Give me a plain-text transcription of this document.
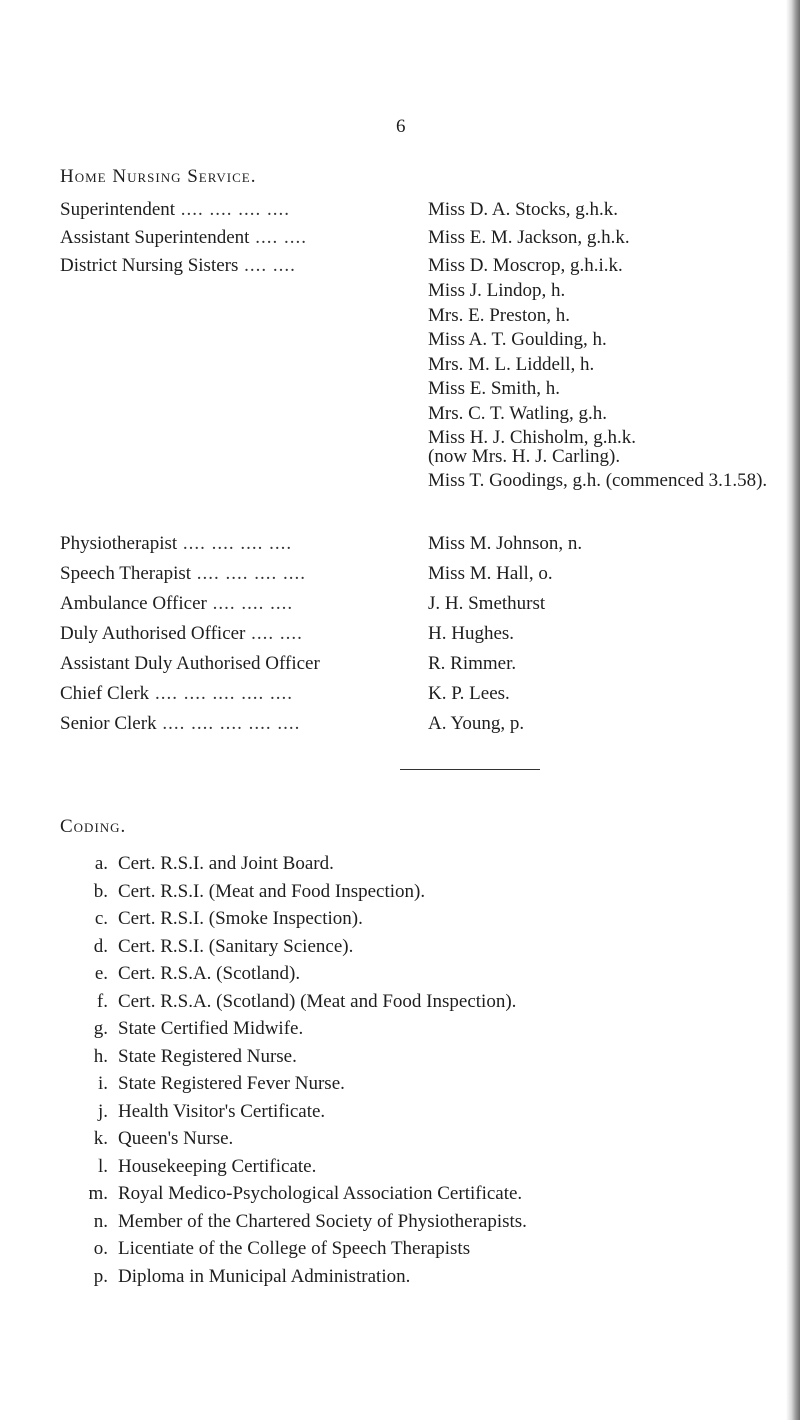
6
Home Nursing Service.
Superintendent .... .... .... ....	Miss D. A. Stocks, g.h.k.
Assistant Superintendent .... ....	Miss E. M. Jackson, g.h.k.
District Nursing Sisters .... ....	Miss D. Moscrop, g.h.i.k.
Miss J. Lindop, h.
Mrs. E. Preston, h.
Miss A. T. Goulding, h.
Mrs. M. L. Liddell, h.
Miss E. Smith, h.
Mrs. C. T. Watling, g.h.
Miss H. J. Chisholm, g.h.k.
(now Mrs. H. J. Carling).
Miss T. Goodings, g.h. (commenced 3.1.58).
Physiotherapist .... .... .... ....	Miss M. Johnson, n.
Speech Therapist .... .... .... ....	Miss M. Hall, o.
Ambulance Officer .... .... ....	J. H. Smethurst
Duly Authorised Officer .... ....	H. Hughes.
Assistant Duly Authorised Officer	R. Rimmer.
Chief Clerk .... .... .... .... ....	K. P. Lees.
Senior Clerk .... .... .... .... ....	A. Young, p.
Coding.
a. Cert. R.S.I. and Joint Board.
b. Cert. R.S.I. (Meat and Food Inspection).
c. Cert. R.S.I. (Smoke Inspection).
d. Cert. R.S.I. (Sanitary Science).
e. Cert. R.S.A. (Scotland).
f. Cert. R.S.A. (Scotland) (Meat and Food Inspection).
g. State Certified Midwife.
h. State Registered Nurse.
i. State Registered Fever Nurse.
j. Health Visitor's Certificate.
k. Queen's Nurse.
l. Housekeeping Certificate.
m. Royal Medico-Psychological Association Certificate.
n. Member of the Chartered Society of Physiotherapists.
o. Licentiate of the College of Speech Therapists
p. Diploma in Municipal Administration.
